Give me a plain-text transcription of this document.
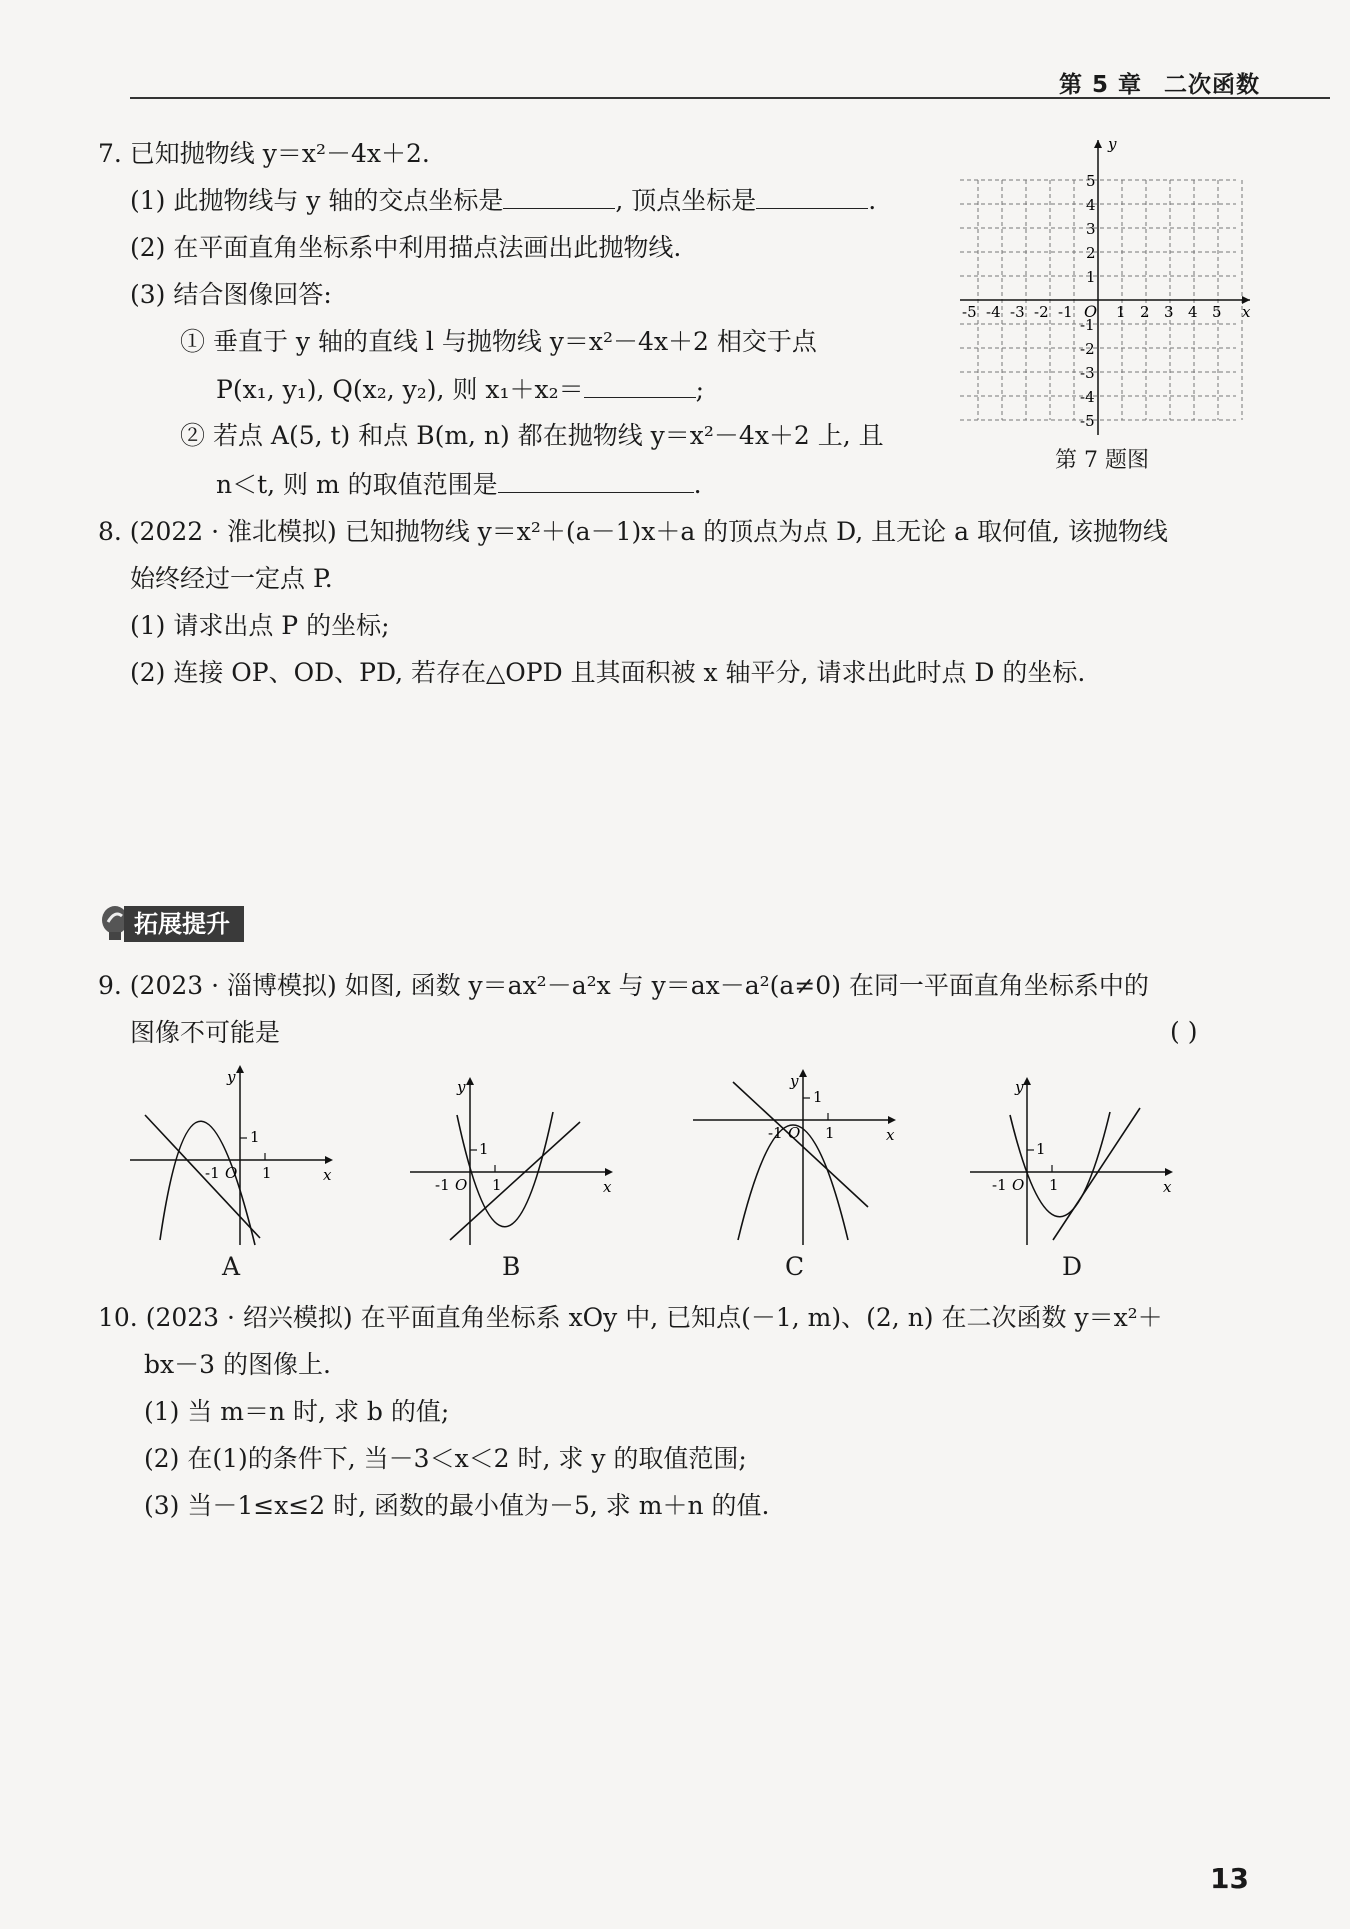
第 5 章 二次函数
7. 已知抛物线 y＝x²－4x＋2.
(1) 此抛物线与 y 轴的交点坐标是	, 顶点坐标是	.
(2) 在平面直角坐标系中利用描点法画出此抛物线.
(3) 结合图像回答:
① 垂直于 y 轴的直线 l 与抛物线 y＝x²－4x＋2 相交于点
P(x₁, y₁), Q(x₂, y₂), 则 x₁＋x₂＝	;
② 若点 A(5, t) 和点 B(m, n) 都在抛物线 y＝x²－4x＋2 上, 且
n＜t, 则 m 的取值范围是	.
y
x
O
-5 -4 -3 -2 -1	1 2 3 4 5
5
4
3
2
1
-1
-2
-3
-4
-5
第 7 题图
8. (2022 · 淮北模拟) 已知抛物线 y＝x²＋(a－1)x＋a 的顶点为点 D, 且无论 a 取何值, 该抛物线
始终经过一定点 P.
(1) 请求出点 P 的坐标;
(2) 连接 OP、OD、PD, 若存在△OPD 且其面积被 x 轴平分, 请求出此时点 D 的坐标.
拓展提升
9. (2023 · 淄博模拟) 如图, 函数 y＝ax²－a²x 与 y＝ax－a²(a≠0) 在同一平面直角坐标系中的
图像不可能是	( )
y
x
1
-1 O 1
A
y
x
1
-1 O 1
B
y
x
1
-1 O 1
C
y
x
1
-1 O 1
D
10. (2023 · 绍兴模拟) 在平面直角坐标系 xOy 中, 已知点(－1, m)、(2, n) 在二次函数 y＝x²＋
bx－3 的图像上.
(1) 当 m＝n 时, 求 b 的值;
(2) 在(1)的条件下, 当－3＜x＜2 时, 求 y 的取值范围;
(3) 当－1≤x≤2 时, 函数的最小值为－5, 求 m＋n 的值.
13
